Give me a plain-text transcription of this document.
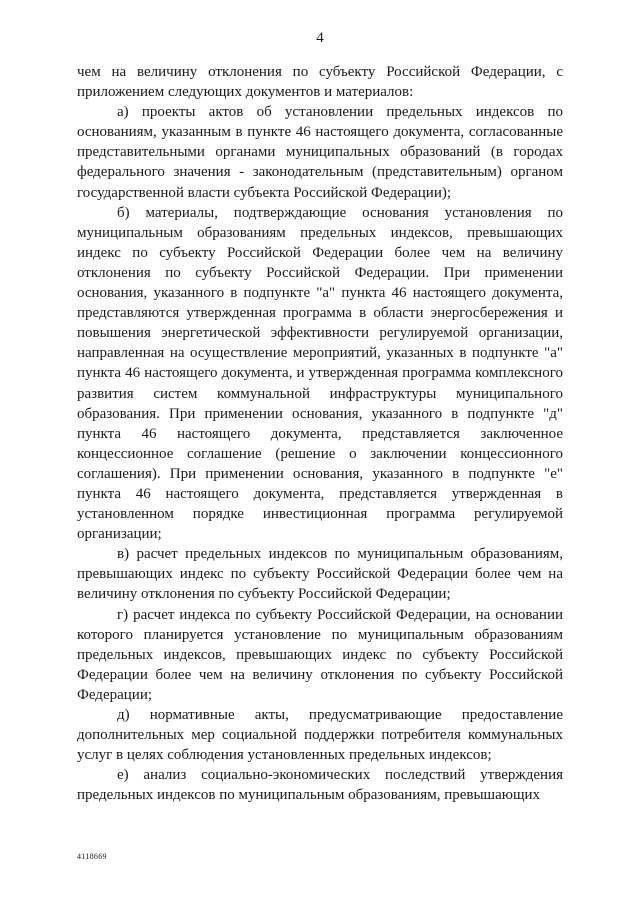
4

чем на величину отклонения по субъекту Российской Федерации, с приложением следующих документов и материалов:

а) проекты актов об установлении предельных индексов по основаниям, указанным в пункте 46 настоящего документа, согласованные представительными органами муниципальных образований (в городах федерального значения - законодательным (представительным) органом государственной власти субъекта Российской Федерации);

б) материалы, подтверждающие основания установления по муниципальным образованиям предельных индексов, превышающих индекс по субъекту Российской Федерации более чем на величину отклонения по субъекту Российской Федерации. При применении основания, указанного в подпункте "а" пункта 46 настоящего документа, представляются утвержденная программа в области энергосбережения и повышения энергетической эффективности регулируемой организации, направленная на осуществление мероприятий, указанных в подпункте "а" пункта 46 настоящего документа, и утвержденная программа комплексного развития систем коммунальной инфраструктуры муниципального образования. При применении основания, указанного в подпункте "д" пункта 46 настоящего документа, представляется заключенное концессионное соглашение (решение о заключении концессионного соглашения). При применении основания, указанного в подпункте "е" пункта 46 настоящего документа, представляется утвержденная в установленном порядке инвестиционная программа регулируемой организации;

в) расчет предельных индексов по муниципальным образованиям, превышающих индекс по субъекту Российской Федерации более чем на величину отклонения по субъекту Российской Федерации;

г) расчет индекса по субъекту Российской Федерации, на основании которого планируется установление по муниципальным образованиям предельных индексов, превышающих индекс по субъекту Российской Федерации более чем на величину отклонения по субъекту Российской Федерации;

д) нормативные акты, предусматривающие предоставление дополнительных мер социальной поддержки потребителя коммунальных услуг в целях соблюдения установленных предельных индексов;

е) анализ социально-экономических последствий утверждения предельных индексов по муниципальным образованиям, превышающих

4118669
